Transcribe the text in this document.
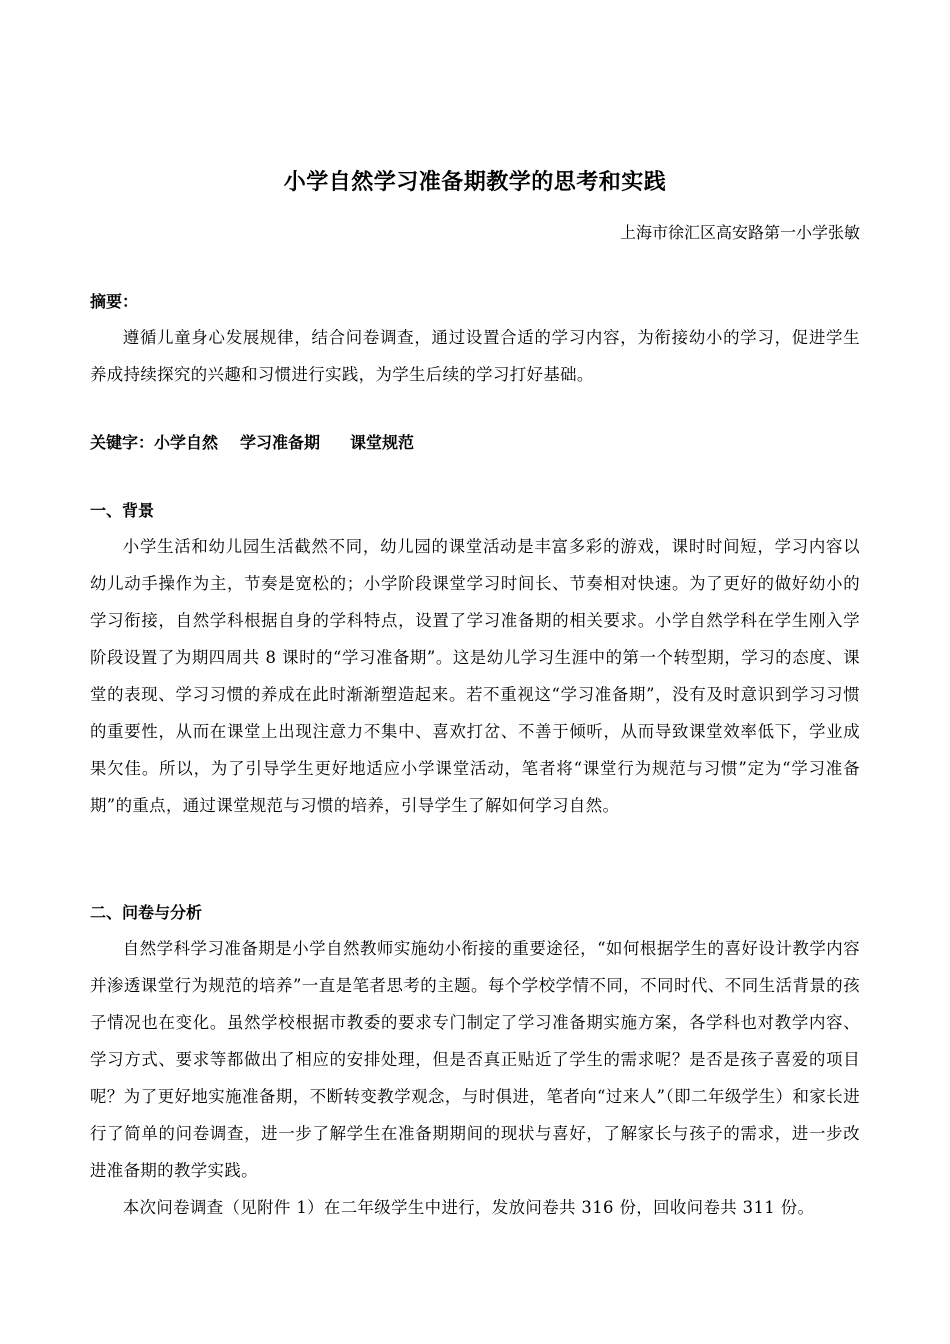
小学自然学习准备期教学的思考和实践
上海市徐汇区高安路第一小学张敏
摘要：
遵循儿童身心发展规律，结合问卷调查，通过设置合适的学习内容，为衔接幼小的学习，促进学生养成持续探究的兴趣和习惯进行实践，为学生后续的学习打好基础。
关键字：小学自然 学习准备期 课堂规范
一、背景
小学生活和幼儿园生活截然不同，幼儿园的课堂活动是丰富多彩的游戏，课时时间短，学习内容以幼儿动手操作为主，节奏是宽松的；小学阶段课堂学习时间长、节奏相对快速。为了更好的做好幼小的学习衔接，自然学科根据自身的学科特点，设置了学习准备期的相关要求。小学自然学科在学生刚入学阶段设置了为期四周共 8 课时的“学习准备期”。这是幼儿学习生涯中的第一个转型期，学习的态度、课堂的表现、学习习惯的养成在此时渐渐塑造起来。若不重视这“学习准备期”，没有及时意识到学习习惯的重要性，从而在课堂上出现注意力不集中、喜欢打岔、不善于倾听，从而导致课堂效率低下，学业成果欠佳。所以，为了引导学生更好地适应小学课堂活动，笔者将“课堂行为规范与习惯”定为“学习准备期”的重点，通过课堂规范与习惯的培养，引导学生了解如何学习自然。
二、问卷与分析
自然学科学习准备期是小学自然教师实施幼小衔接的重要途径，“如何根据学生的喜好设计教学内容并渗透课堂行为规范的培养”一直是笔者思考的主题。每个学校学情不同，不同时代、不同生活背景的孩子情况也在变化。虽然学校根据市教委的要求专门制定了学习准备期实施方案，各学科也对教学内容、学习方式、要求等都做出了相应的安排处理，但是否真正贴近了学生的需求呢？是否是孩子喜爱的项目呢？为了更好地实施准备期，不断转变教学观念，与时俱进，笔者向“过来人”（即二年级学生）和家长进行了简单的问卷调查，进一步了解学生在准备期期间的现状与喜好，了解家长与孩子的需求，进一步改进准备期的教学实践。
本次问卷调查（见附件 1）在二年级学生中进行，发放问卷共 316 份，回收问卷共 311 份。
